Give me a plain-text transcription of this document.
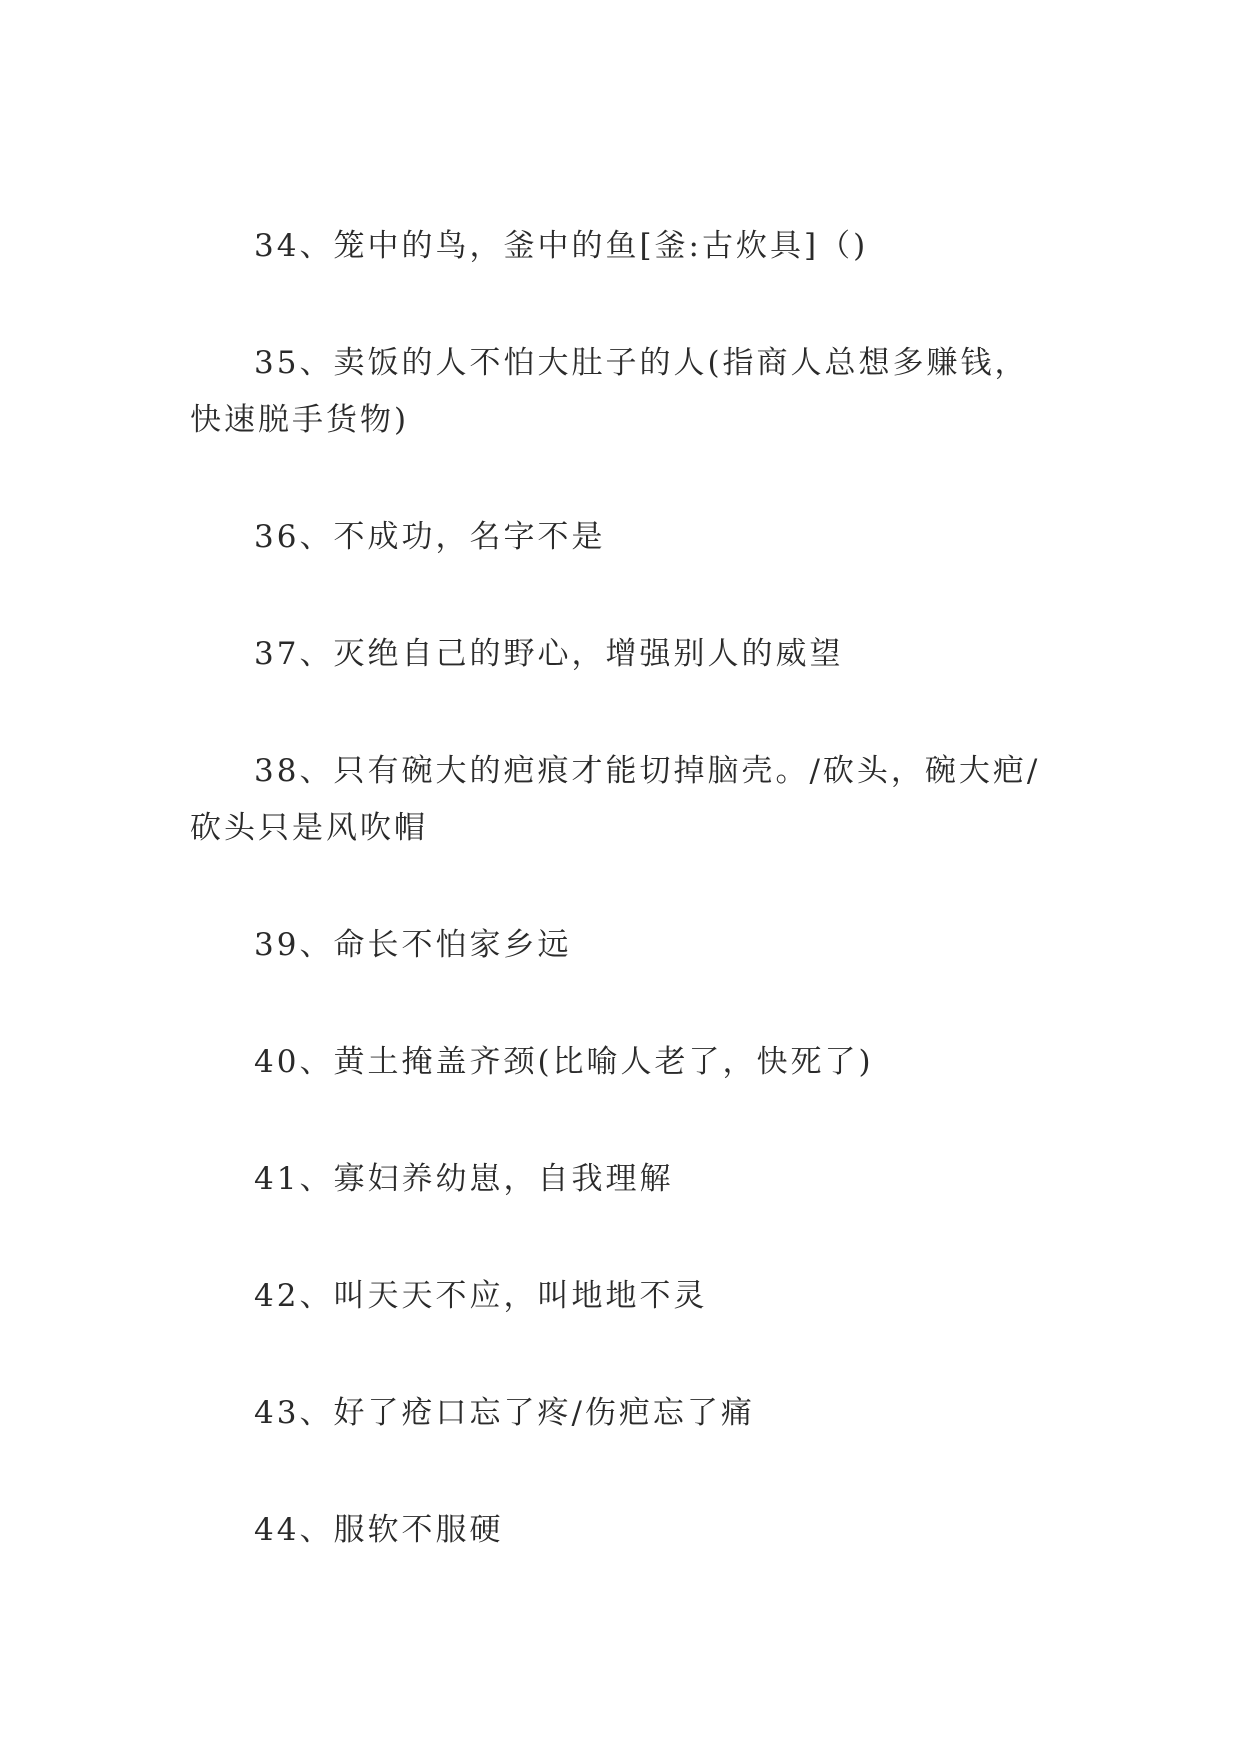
34、笼中的鸟，釜中的鱼[釜:古炊具]（)
35、卖饭的人不怕大肚子的人(指商人总想多赚钱，快速脱手货物)
36、不成功，名字不是
37、灭绝自己的野心，增强别人的威望
38、只有碗大的疤痕才能切掉脑壳。/砍头，碗大疤/砍头只是风吹帽
39、命长不怕家乡远
40、黄土掩盖齐颈(比喻人老了，快死了)
41、寡妇养幼崽，自我理解
42、叫天天不应，叫地地不灵
43、好了疮口忘了疼/伤疤忘了痛
44、服软不服硬
